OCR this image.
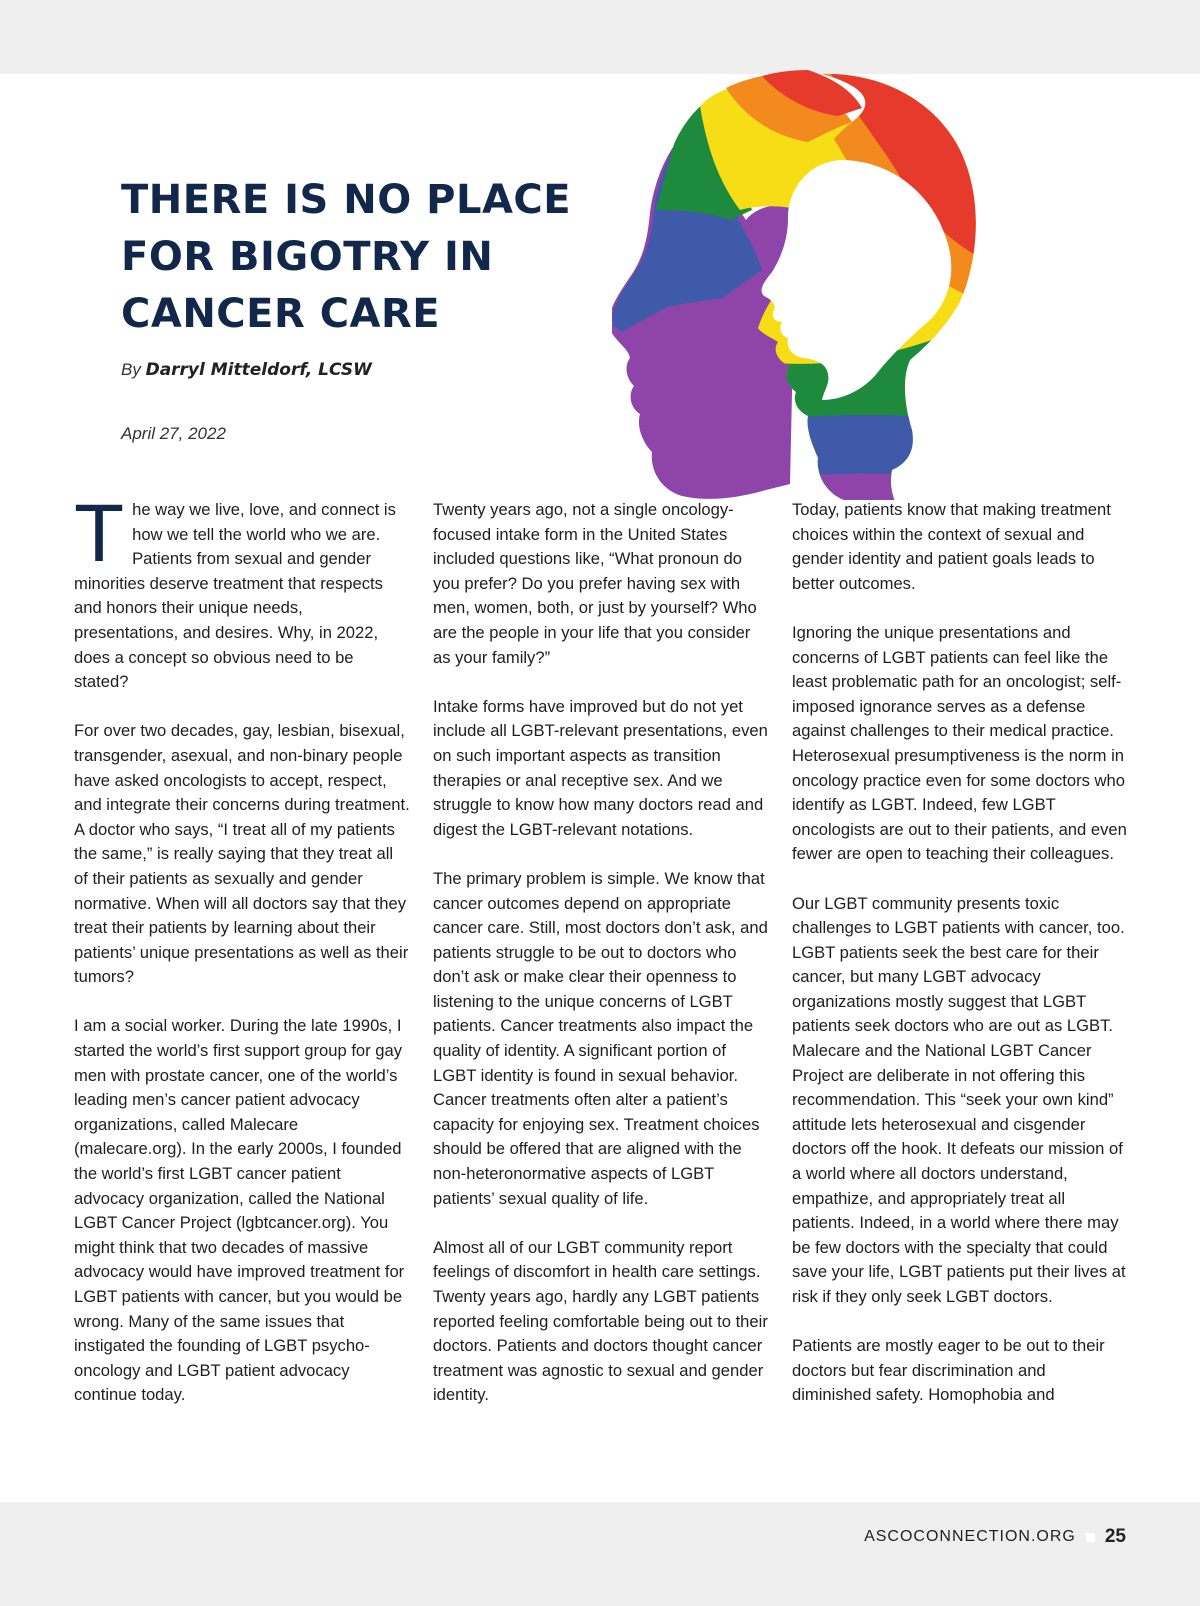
THERE IS NO PLACE FOR BIGOTRY IN CANCER CARE

By Darryl Mitteldorf, LCSW

April 27, 2022

The way we live, love, and connect is how we tell the world who we are. Patients from sexual and gender minorities deserve treatment that respects and honors their unique needs, presentations, and desires. Why, in 2022, does a concept so obvious need to be stated?

For over two decades, gay, lesbian, bisexual, transgender, asexual, and non-binary people have asked oncologists to accept, respect, and integrate their concerns during treatment. A doctor who says, “I treat all of my patients the same,” is really saying that they treat all of their patients as sexually and gender normative. When will all doctors say that they treat their patients by learning about their patients’ unique presentations as well as their tumors?

I am a social worker. During the late 1990s, I started the world’s first support group for gay men with prostate cancer, one of the world’s leading men’s cancer patient advocacy organizations, called Malecare (malecare.org). In the early 2000s, I founded the world’s first LGBT cancer patient advocacy organization, called the National LGBT Cancer Project (lgbtcancer.org). You might think that two decades of massive advocacy would have improved treatment for LGBT patients with cancer, but you would be wrong. Many of the same issues that instigated the founding of LGBT psycho-oncology and LGBT patient advocacy continue today.

Twenty years ago, not a single oncology-focused intake form in the United States included questions like, “What pronoun do you prefer? Do you prefer having sex with men, women, both, or just by yourself? Who are the people in your life that you consider as your family?”

Intake forms have improved but do not yet include all LGBT-relevant presentations, even on such important aspects as transition therapies or anal receptive sex. And we struggle to know how many doctors read and digest the LGBT-relevant notations.

The primary problem is simple. We know that cancer outcomes depend on appropriate cancer care. Still, most doctors don’t ask, and patients struggle to be out to doctors who don’t ask or make clear their openness to listening to the unique concerns of LGBT patients. Cancer treatments also impact the quality of identity. A significant portion of LGBT identity is found in sexual behavior. Cancer treatments often alter a patient’s capacity for enjoying sex. Treatment choices should be offered that are aligned with the non-heteronormative aspects of LGBT patients’ sexual quality of life.

Almost all of our LGBT community report feelings of discomfort in health care settings. Twenty years ago, hardly any LGBT patients reported feeling comfortable being out to their doctors. Patients and doctors thought cancer treatment was agnostic to sexual and gender identity.

Today, patients know that making treatment choices within the context of sexual and gender identity and patient goals leads to better outcomes.

Ignoring the unique presentations and concerns of LGBT patients can feel like the least problematic path for an oncologist; self-imposed ignorance serves as a defense against challenges to their medical practice. Heterosexual presumptiveness is the norm in oncology practice even for some doctors who identify as LGBT. Indeed, few LGBT oncologists are out to their patients, and even fewer are open to teaching their colleagues.

Our LGBT community presents toxic challenges to LGBT patients with cancer, too. LGBT patients seek the best care for their cancer, but many LGBT advocacy organizations mostly suggest that LGBT patients seek doctors who are out as LGBT. Malecare and the National LGBT Cancer Project are deliberate in not offering this recommendation. This “seek your own kind” attitude lets heterosexual and cisgender doctors off the hook. It defeats our mission of a world where all doctors understand, empathize, and appropriately treat all patients. Indeed, in a world where there may be few doctors with the specialty that could save your life, LGBT patients put their lives at risk if they only seek LGBT doctors.

Patients are mostly eager to be out to their doctors but fear discrimination and diminished safety. Homophobia and

ASCOCONNECTION.ORG 25
